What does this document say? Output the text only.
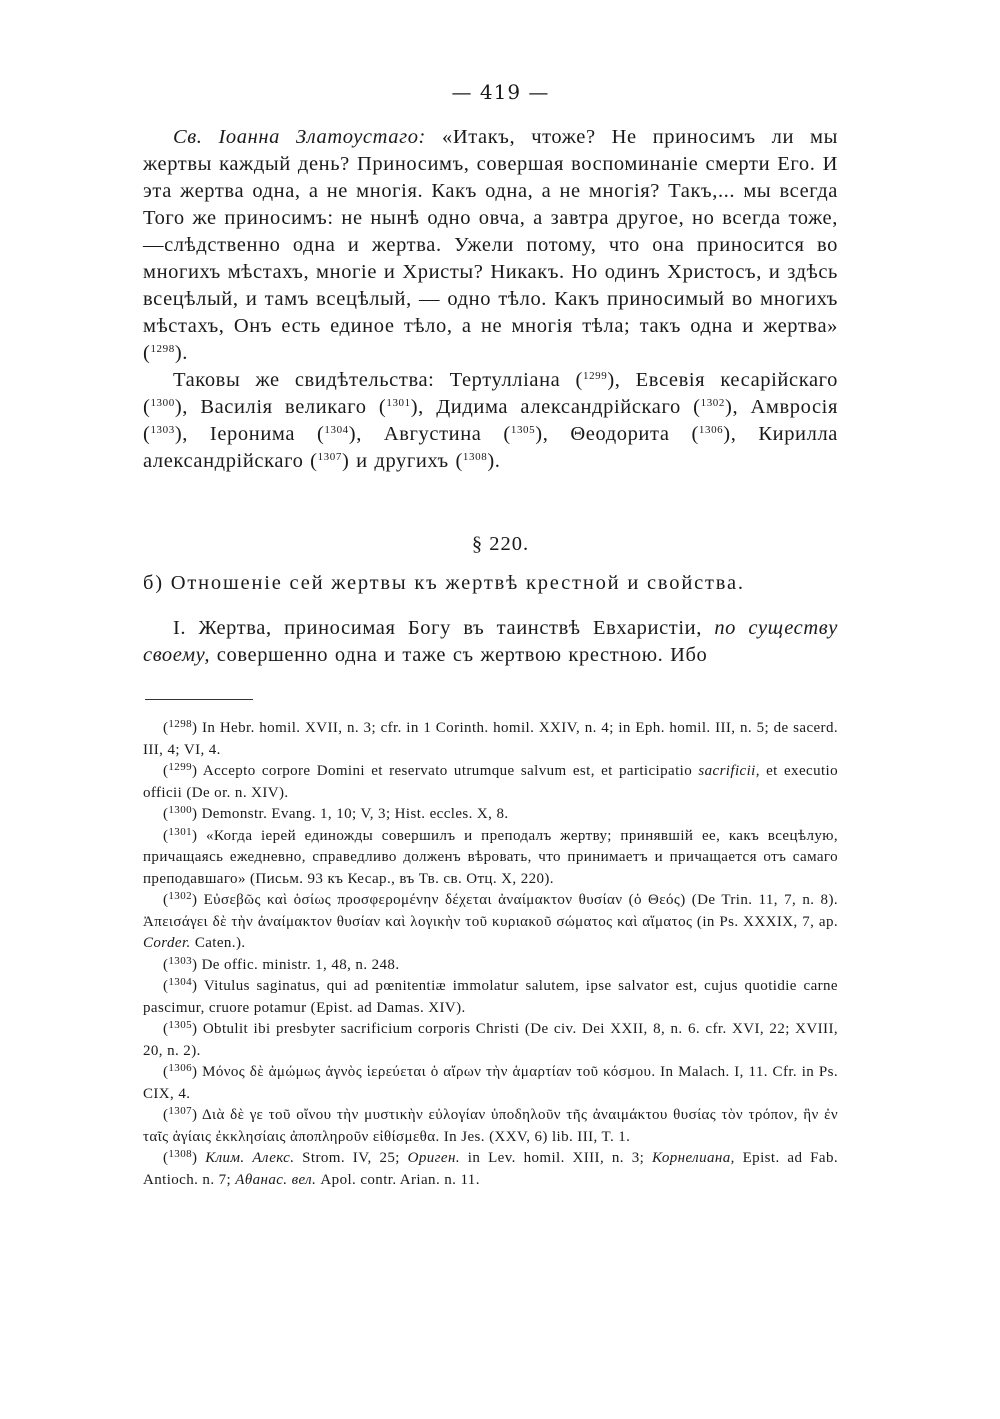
— 419 —

Св. Іоанна Златоустаго: «Итакъ, чтоже? Не приносимъ ли мы жертвы каждый день? Приносимъ, совершая воспоминаніе смерти Его. И эта жертва одна, а не многія. Какъ одна, а не многія? Такъ,... мы всегда Того же приносимъ: не нынѣ одно овча, а завтра другое, но всегда тоже,—слѣдственно одна и жертва. Ужели потому, что она приносится во многихъ мѣстахъ, многіе и Христы? Никакъ. Но одинъ Христосъ, и здѣсь всецѣлый, и тамъ всецѣлый, — одно тѣло. Какъ приносимый во многихъ мѣстахъ, Онъ есть единое тѣло, а не многія тѣла; такъ одна и жертва» ($^{1298}$).

Таковы же свидѣтельства: Тертулліана ($^{1299}$), Евсевія кесарійскаго ($^{1300}$), Василія великаго ($^{1301}$), Дидима александрійскаго ($^{1302}$), Амвросія ($^{1303}$), Іеронима ($^{1304}$), Августина ($^{1305}$), Θеодорита ($^{1306}$), Кирилла александрійскаго ($^{1307}$) и другихъ ($^{1308}$).

§ 220.
б) Отношеніе сей жертвы къ жертвѣ крестной и свойства.

I. Жертва, приносимая Богу въ таинствѣ Евхаристіи, по существу своему, совершенно одна и таже съ жертвою крестною. Ибо

($^{1298}$) In Hebr. homil. XVII, n. 3; cfr. in 1 Corinth. homil. XXIV, n. 4; in Eph. homil. III, n. 5; de sacerd. III, 4; VI, 4.

($^{1299}$) Accepto corpore Domini et reservato utrumque salvum est, et participatio sacrificii, et executio officii (De or. n. XIV).

($^{1300}$) Demonstr. Evang. 1, 10; V, 3; Hist. eccles. X, 8.

($^{1301}$) «Когда іерей единожды совершилъ и преподалъ жертву; принявшій ее, какъ всецѣлую, причащаясь ежедневно, справедливо долженъ вѣровать, что принимаетъ и причащается отъ самаго преподавшаго» (Письм. 93 къ Кесар., въ Тв. св. Отц. X, 220).

($^{1302}$) Εὐσεβῶς καὶ ὁσίως προσφερομένην δέχεται ἀναίμακτον θυσίαν (ὁ Θεός) (De Trin. 11, 7, n. 8). Ἀπεισάγει δὲ τὴν ἀναίμακτον θυσίαν καὶ λογικὴν τοῦ κυριακοῦ σώματος καὶ αἵματος (in Ps. XXXIX, 7, ap. Corder. Caten.).

($^{1303}$) De offic. ministr. 1, 48, n. 248.

($^{1304}$) Vitulus saginatus, qui ad pœnitentiæ immolatur salutem, ipse salvator est, cujus quotidie carne pascimur, cruore potamur (Epist. ad Damas. XIV).

($^{1305}$) Obtulit ibi presbyter sacrificium corporis Christi (De civ. Dei XXII, 8, n. 6. cfr. XVI, 22; XVIII, 20, n. 2).

($^{1306}$) Μόνος δὲ ἀμώμως ἁγνὸς ἱερεύεται ὁ αἴρων τὴν ἁμαρτίαν τοῦ κόσμου. In Malach. I, 11. Cfr. in Ps. CIX, 4.

($^{1307}$) Διὰ δὲ γε τοῦ οἴνου τὴν μυστικὴν εὐλογίαν ὑποδηλοῦν τῆς ἀναιμάκτου θυσίας τὸν τρόπον, ἣν ἐν ταῖς ἁγίαις ἐκκλησίαις ἀποπληροῦν εἰθίσμεθα. In Jes. (XXV, 6) lib. III, T. 1.

($^{1308}$) Клим. Алекс. Strom. IV, 25; Ориген. in Lev. homil. XIII, n. 3; Корнелиана, Epist. ad Fab. Antioch. n. 7; Аθанас. вел. Apol. contr. Arian. n. 11.
